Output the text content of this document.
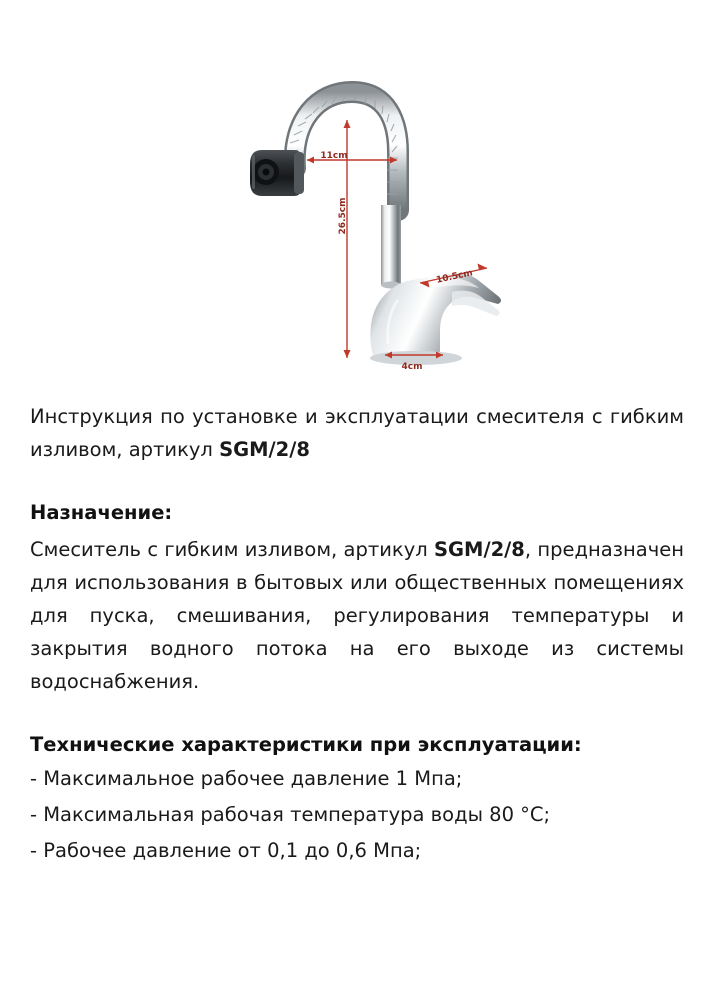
11cm
26.5cm
10.5cm
4cm

Инструкция по установке и эксплуатации смесителя с гибким изливом, артикул SGM/2/8

Назначение:

Смеситель с гибким изливом, артикул SGM/2/8, предназначен для использования в бытовых или общественных помещениях для пуска, смешивания, регулирования температуры и закрытия водного потока на его выходе из системы водоснабжения.

Технические характеристики при эксплуатации:

- Максимальное рабочее давление 1 Мпа;

- Максимальная рабочая температура воды 80 °C;

- Рабочее давление от 0,1 до 0,6 Мпа;
